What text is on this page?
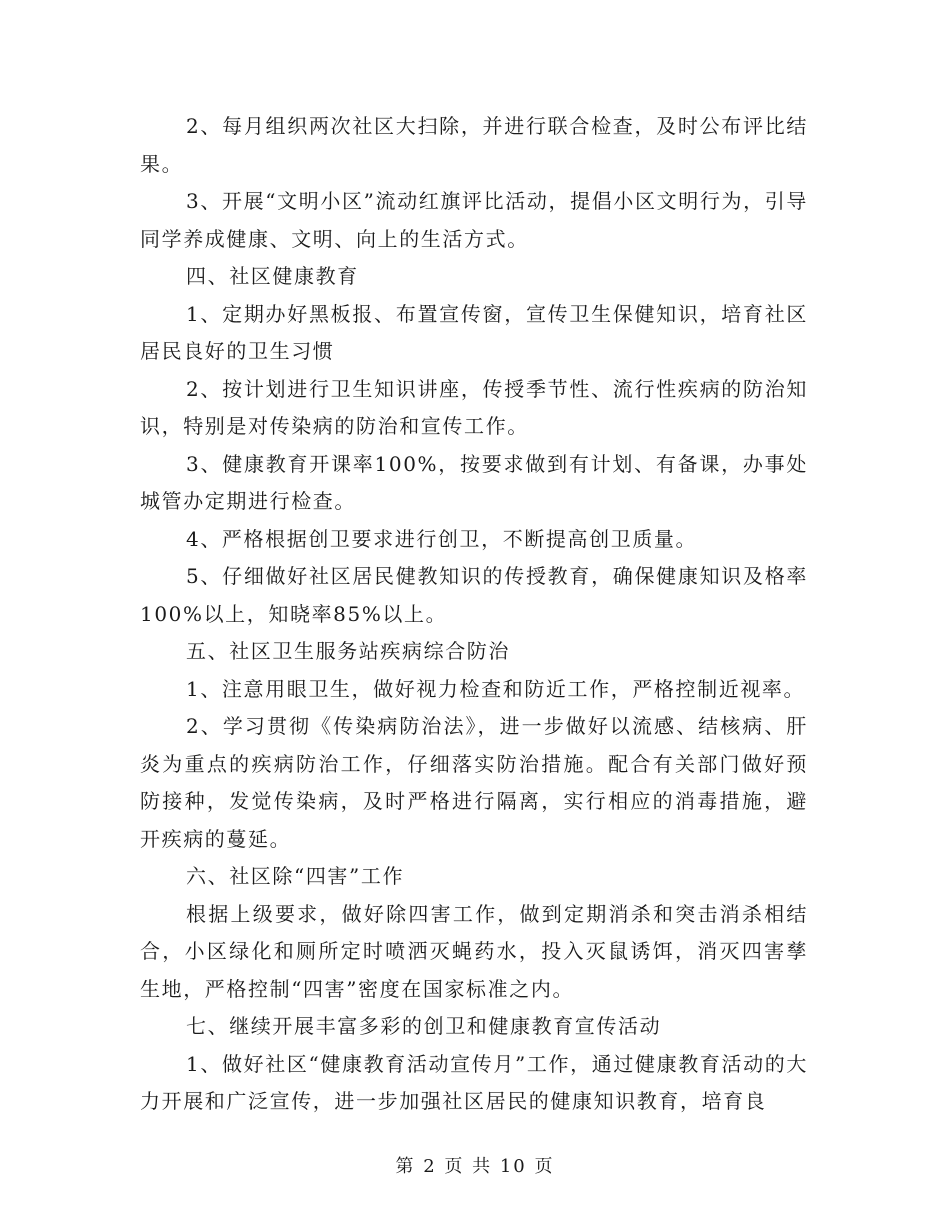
2、每月组织两次社区大扫除，并进行联合检查，及时公布评比结果。

3、开展“文明小区”流动红旗评比活动，提倡小区文明行为，引导同学养成健康、文明、向上的生活方式。

四、社区健康教育

1、定期办好黑板报、布置宣传窗，宣传卫生保健知识，培育社区居民良好的卫生习惯

2、按计划进行卫生知识讲座，传授季节性、流行性疾病的防治知识，特别是对传染病的防治和宣传工作。

3、健康教育开课率100%，按要求做到有计划、有备课，办事处城管办定期进行检查。

4、严格根据创卫要求进行创卫，不断提高创卫质量。

5、仔细做好社区居民健教知识的传授教育，确保健康知识及格率100%以上，知晓率85%以上。

五、社区卫生服务站疾病综合防治

1、注意用眼卫生，做好视力检查和防近工作，严格控制近视率。

2、学习贯彻《传染病防治法》，进一步做好以流感、结核病、肝炎为重点的疾病防治工作，仔细落实防治措施。配合有关部门做好预防接种，发觉传染病，及时严格进行隔离，实行相应的消毒措施，避开疾病的蔓延。

六、社区除“四害”工作

根据上级要求，做好除四害工作，做到定期消杀和突击消杀相结合，小区绿化和厕所定时喷洒灭蝇药水，投入灭鼠诱饵，消灭四害孳生地，严格控制“四害”密度在国家标准之内。

七、继续开展丰富多彩的创卫和健康教育宣传活动

1、做好社区“健康教育活动宣传月”工作，通过健康教育活动的大力开展和广泛宣传，进一步加强社区居民的健康知识教育，培育良

第 2 页 共 10 页
